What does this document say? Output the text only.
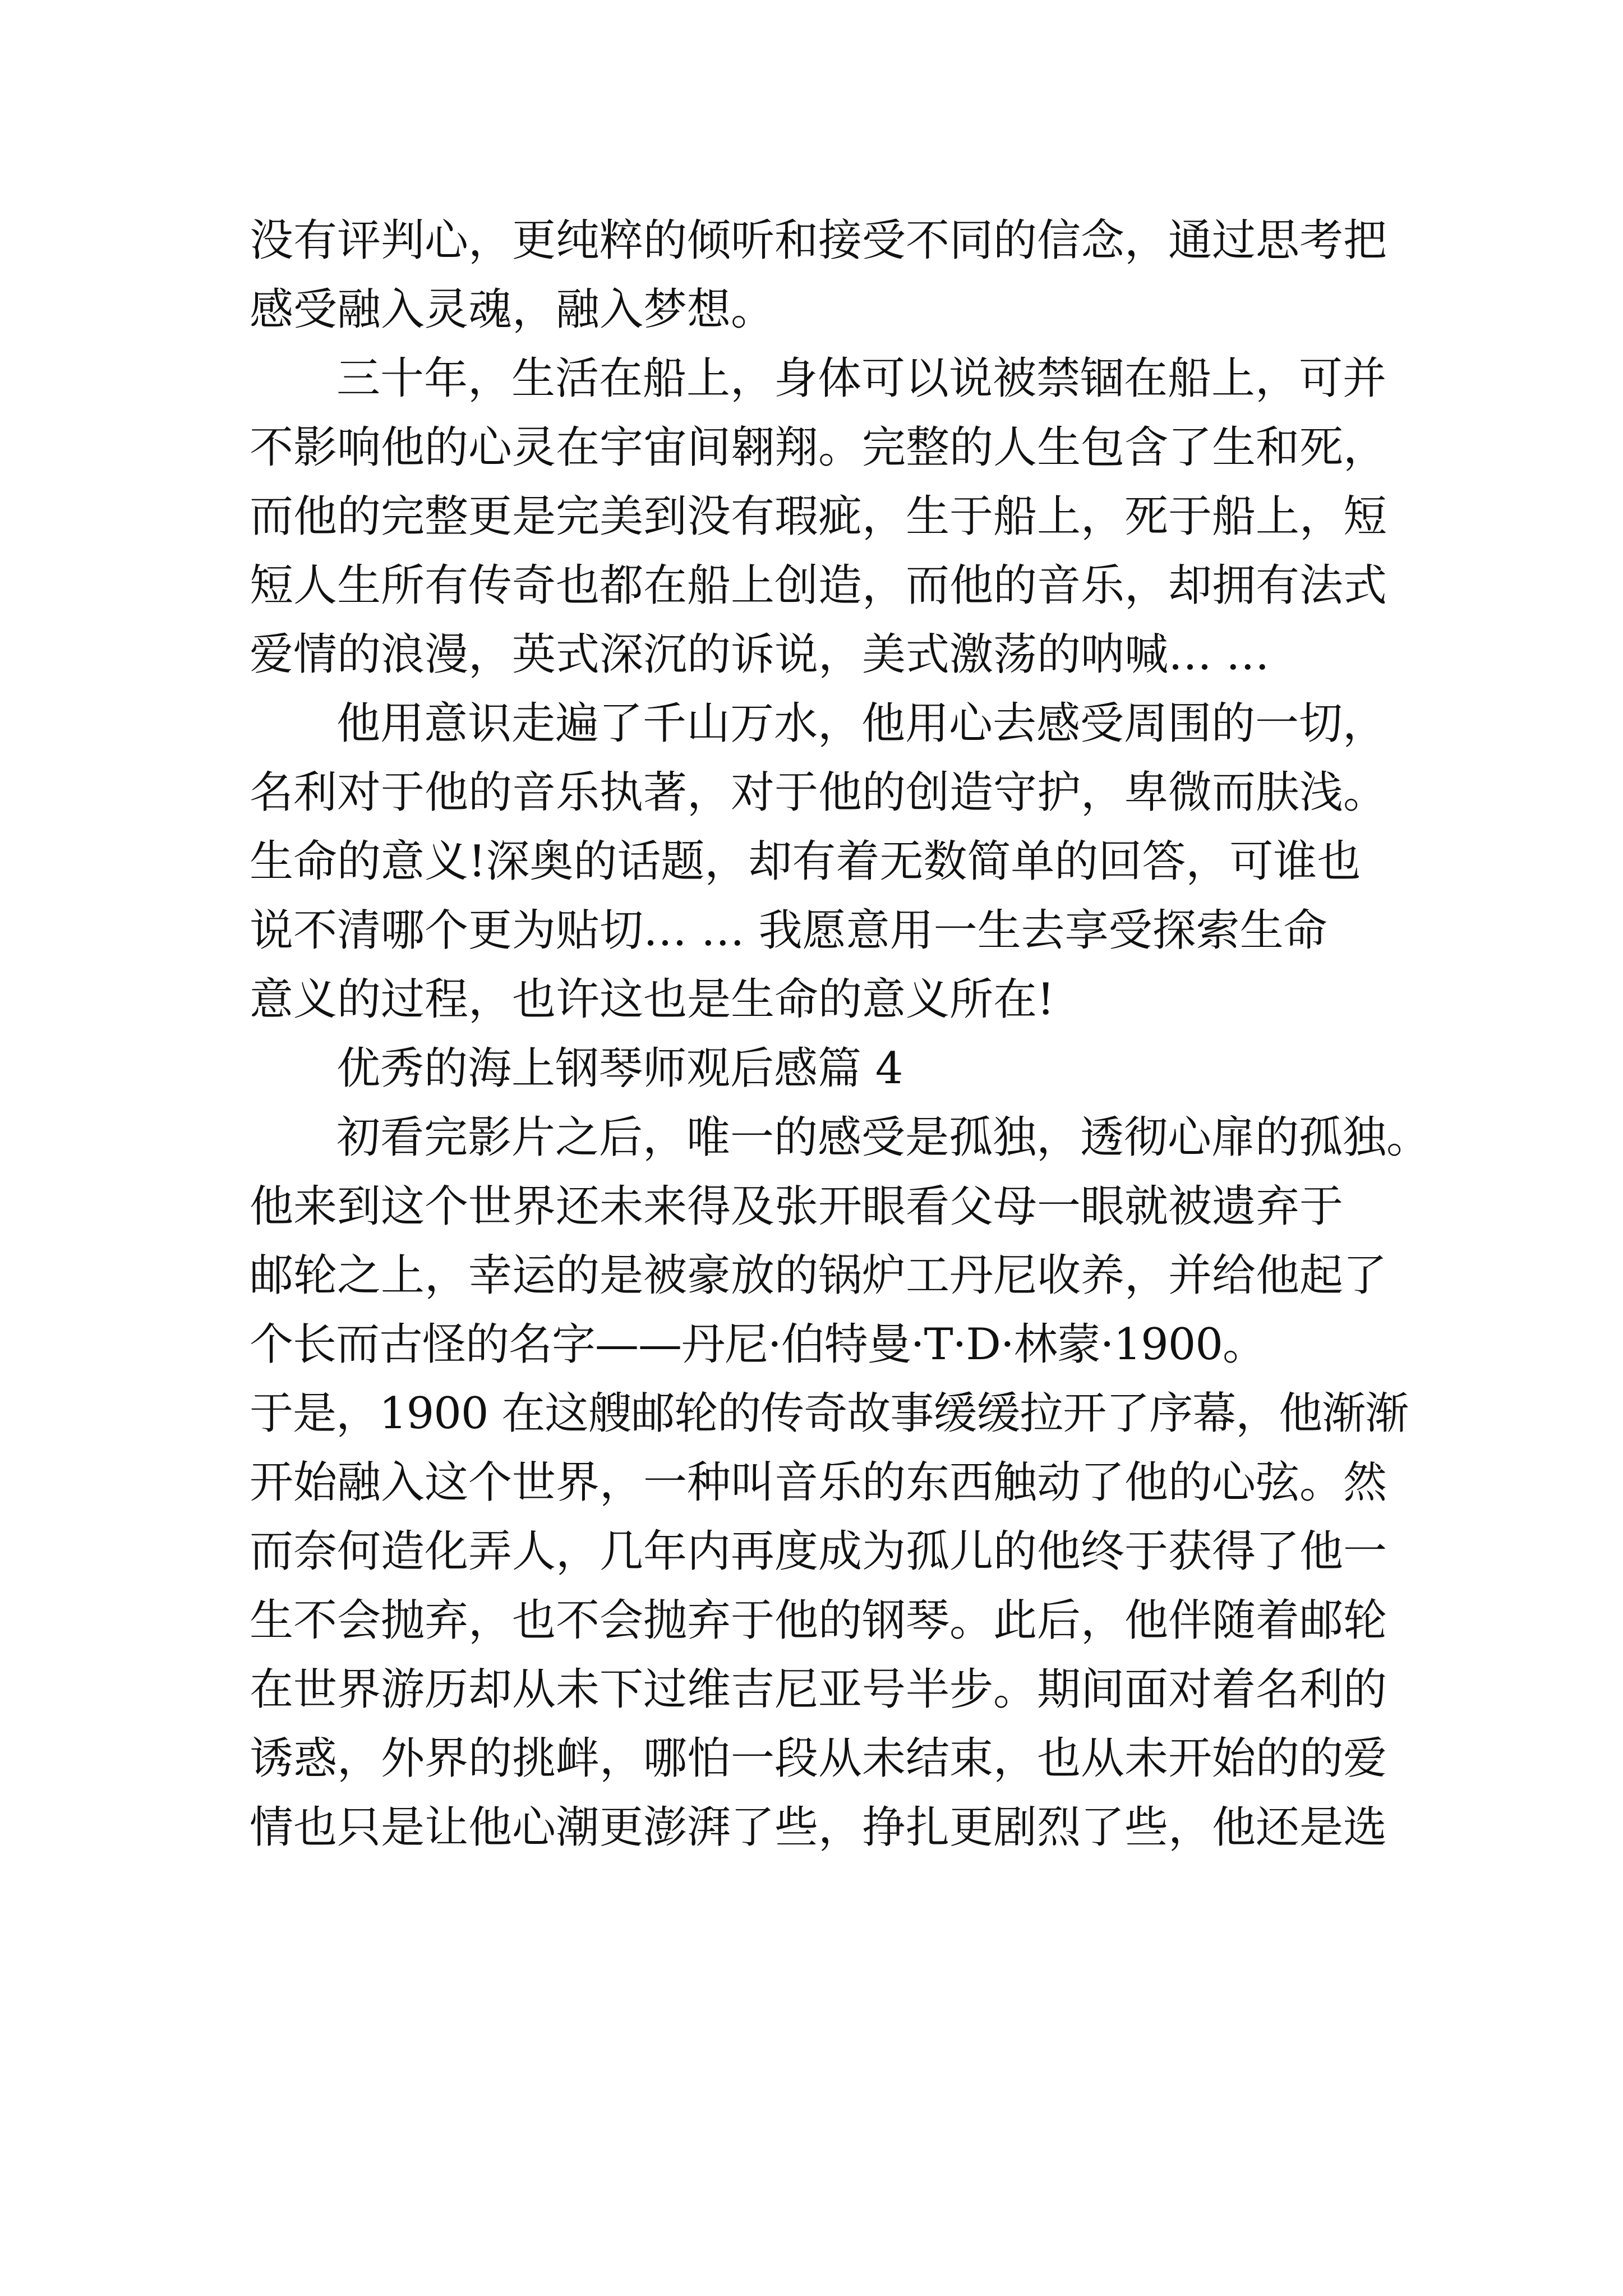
没有评判心，更纯粹的倾听和接受不同的信念，通过思考把
感受融入灵魂，融入梦想。
三十年，生活在船上，身体可以说被禁锢在船上，可并
不影响他的心灵在宇宙间翱翔。完整的人生包含了生和死，
而他的完整更是完美到没有瑕疵，生于船上，死于船上，短
短人生所有传奇也都在船上创造，而他的音乐，却拥有法式
爱情的浪漫，英式深沉的诉说，美式激荡的呐喊… …
他用意识走遍了千山万水，他用心去感受周围的一切，
名利对于他的音乐执著，对于他的创造守护，卑微而肤浅。
生命的意义!深奥的话题，却有着无数简单的回答，可谁也
说不清哪个更为贴切… … 我愿意用一生去享受探索生命
意义的过程，也许这也是生命的意义所在!
优秀的海上钢琴师观后感篇 4
初看完影片之后，唯一的感受是孤独，透彻心扉的孤独。
他来到这个世界还未来得及张开眼看父母一眼就被遗弃于
邮轮之上，幸运的是被豪放的锅炉工丹尼收养，并给他起了
个长而古怪的名字——丹尼·伯特曼·T·D·林蒙·1900。
于是，1900 在这艘邮轮的传奇故事缓缓拉开了序幕，他渐渐
开始融入这个世界，一种叫音乐的东西触动了他的心弦。然
而奈何造化弄人，几年内再度成为孤儿的他终于获得了他一
生不会抛弃，也不会抛弃于他的钢琴。此后，他伴随着邮轮
在世界游历却从未下过维吉尼亚号半步。期间面对着名利的
诱惑，外界的挑衅，哪怕一段从未结束，也从未开始的的爱
情也只是让他心潮更澎湃了些，挣扎更剧烈了些，他还是选
